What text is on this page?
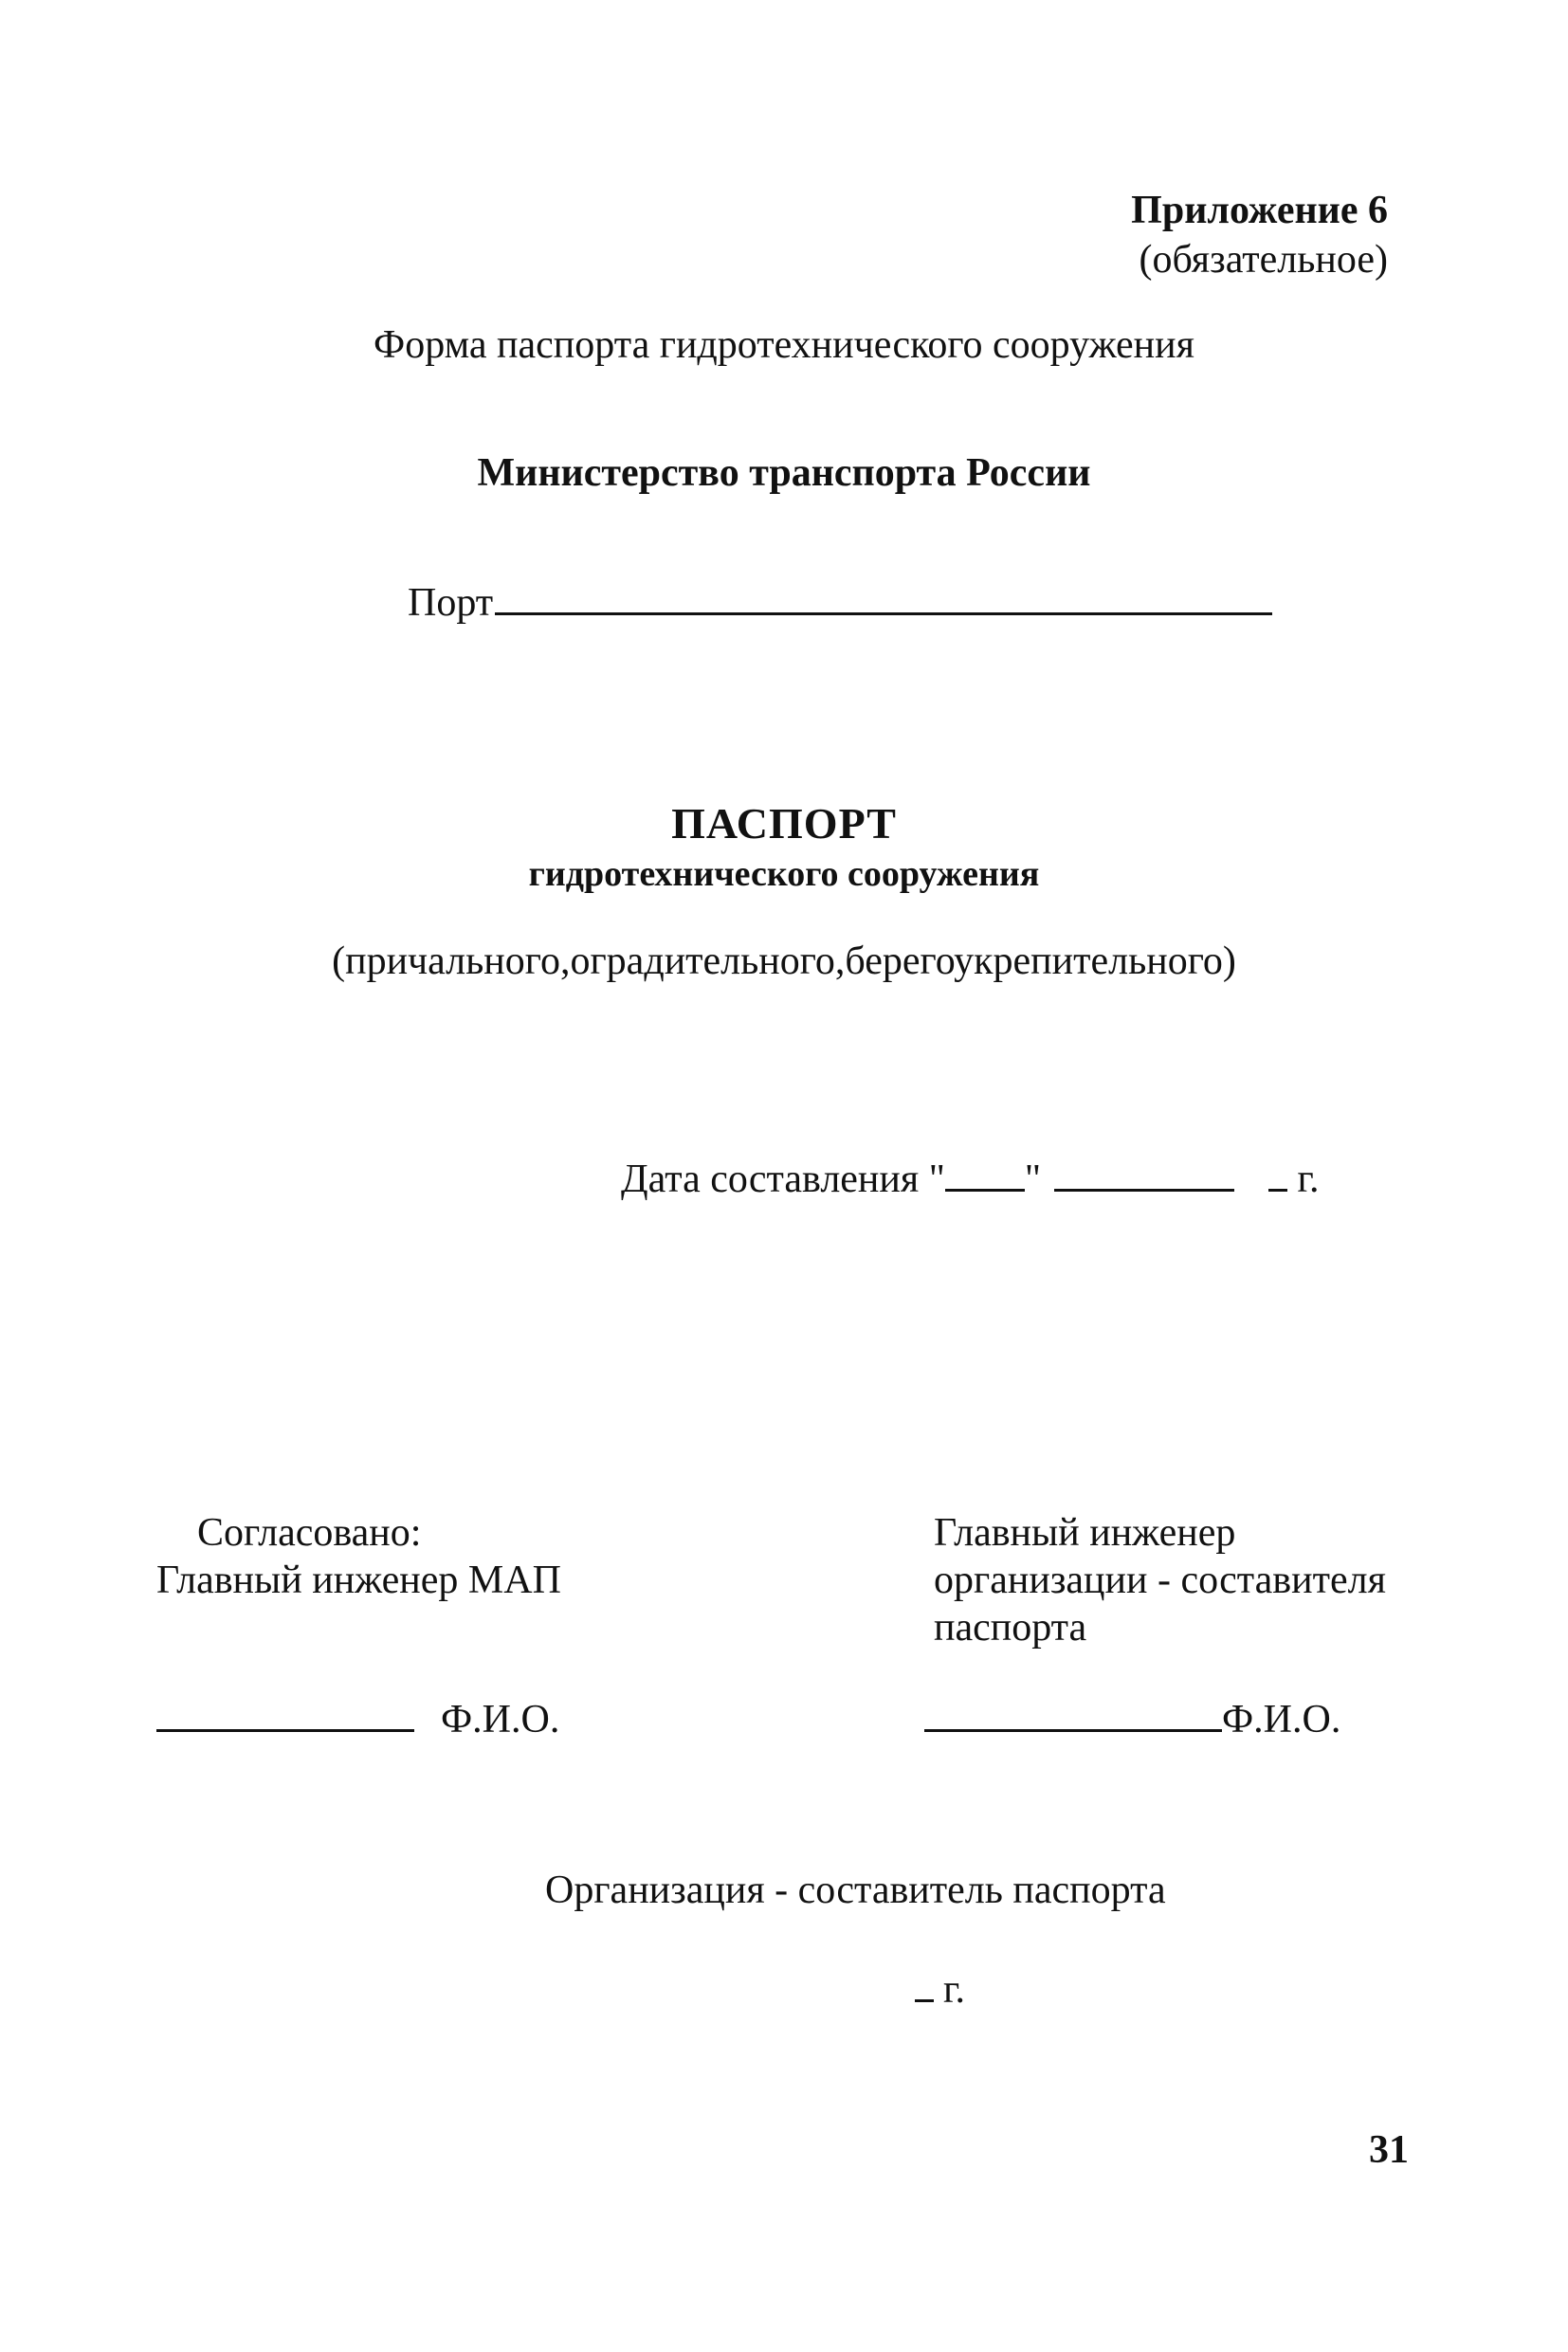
Приложение 6
(обязательное)
Форма паспорта гидротехнического сооружения
Министерство транспорта России
Порт
ПАСПОРТ
гидротехнического сооружения
(причального,оградительного,берегоукрепительного)
Дата составления " "	г.
Согласовано:
Главный инженер МАП
Главный инженер
организации - составителя
паспорта
Ф.И.О.	Ф.И.О.
Организация - составитель паспорта
г.
31
